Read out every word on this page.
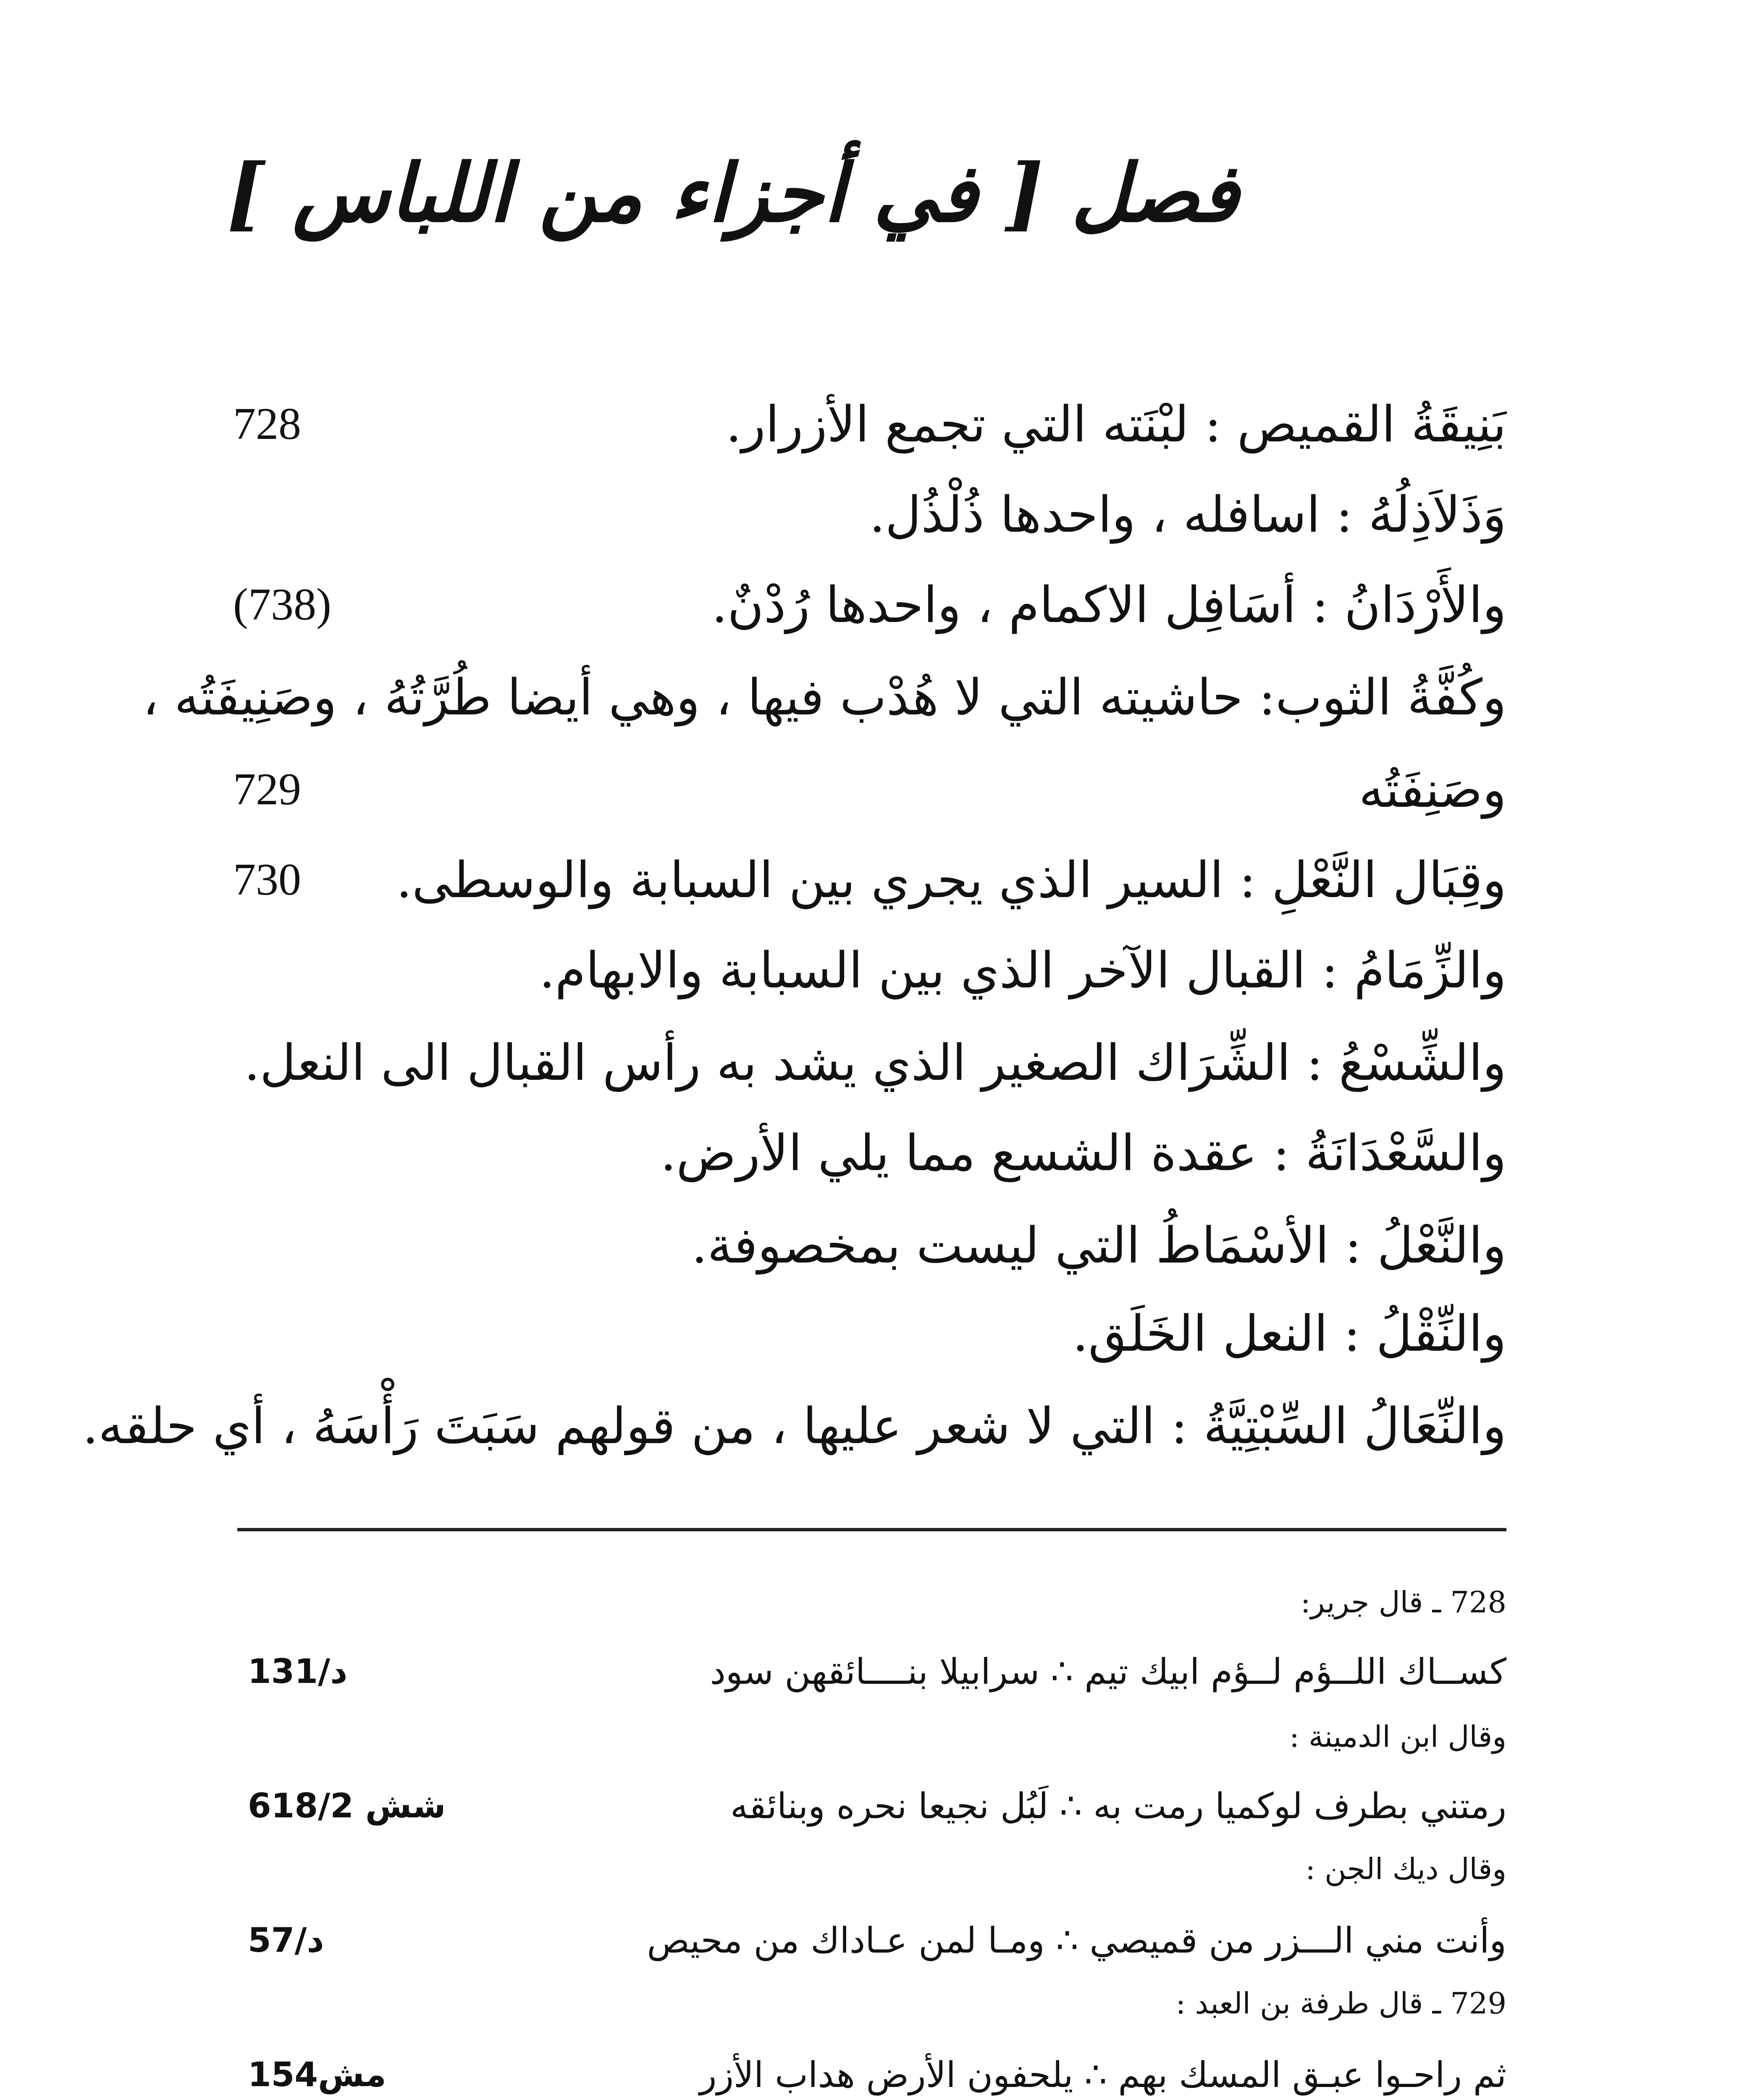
فصل [ في أجزاء من اللباس ]
بَنِيقَةُ القميص : لبْنَته التي تجمع الأزرار.
728
وَذَلاَذِلُهُ : اسافله ، واحدها ذُلْذُل.
والأَرْدَانُ : أسَافِل الاكمام ، واحدها رُدْنٌ.
(738)
وكُفَّةُ الثوب: حاشيته التي لا هُدْب فيها ، وهي أيضا طُرَّتُهُ ، وصَنِيفَتُه ،
وصَنِفَتُه
729
وقِبَال النَّعْلِ : السير الذي يجري بين السبابة والوسطى.
730
والزِّمَامُ : القبال الآخر الذي بين السبابة والابهام.
والشِّسْعُ : الشِّرَاك الصغير الذي يشد به رأس القبال الى النعل.
والسَّعْدَانَةُ : عقدة الشسع مما يلي الأرض.
والنَّعْلُ : الأسْمَاطُ التي ليست بمخصوفة.
والنِّقْلُ : النعل الخَلَق.
والنِّعَالُ السِّبْتِيَّةُ : التي لا شعر عليها ، من قولهم سَبَتَ رَأْسَهُ ، أي حلقه.
728 ـ قال جرير:
كســاك اللــؤم لــؤم ابيك تيم ∴ سرابيلا بنــــائقهن سود
د/131
وقال ابن الدمينة :
رمتني بطرف لوكميا رمت به ∴ لَبُل نجيعا نحره وبنائقه
شش 618/2
وقال ديك الجن :
وأنت مني الـــزر من قميصي ∴ ومـا لمن عـاداك من محيص
د/57
729 ـ قال طرفة بن العبد :
ثم راحـوا عبـق المسك بهم ∴ يلحفون الأرض هداب الأزر
مش154
